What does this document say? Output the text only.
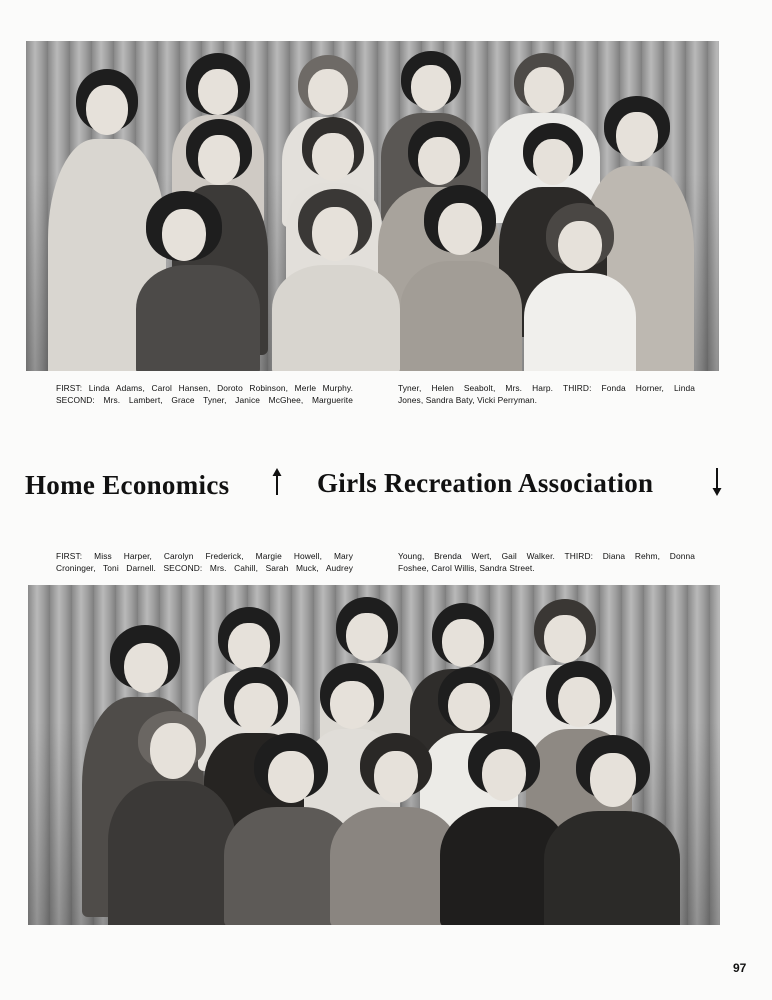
FIRST: Linda Adams, Carol Hansen, Doroto Robinson, Merle Murphy.
SECOND: Mrs. Lambert, Grace Tyner, Janice McGhee, Marguerite
Tyner, Helen Seabolt, Mrs. Harp. THIRD: Fonda Horner, Linda
Jones, Sandra Baty, Vicki Perryman.
Home Economics	Girls Recreation Association
FIRST: Miss Harper, Carolyn Frederick, Margie Howell, Mary
Croninger, Toni Darnell. SECOND: Mrs. Cahill, Sarah Muck, Audrey
Young, Brenda Wert, Gail Walker. THIRD: Diana Rehm, Donna
Foshee, Carol Willis, Sandra Street.
97
